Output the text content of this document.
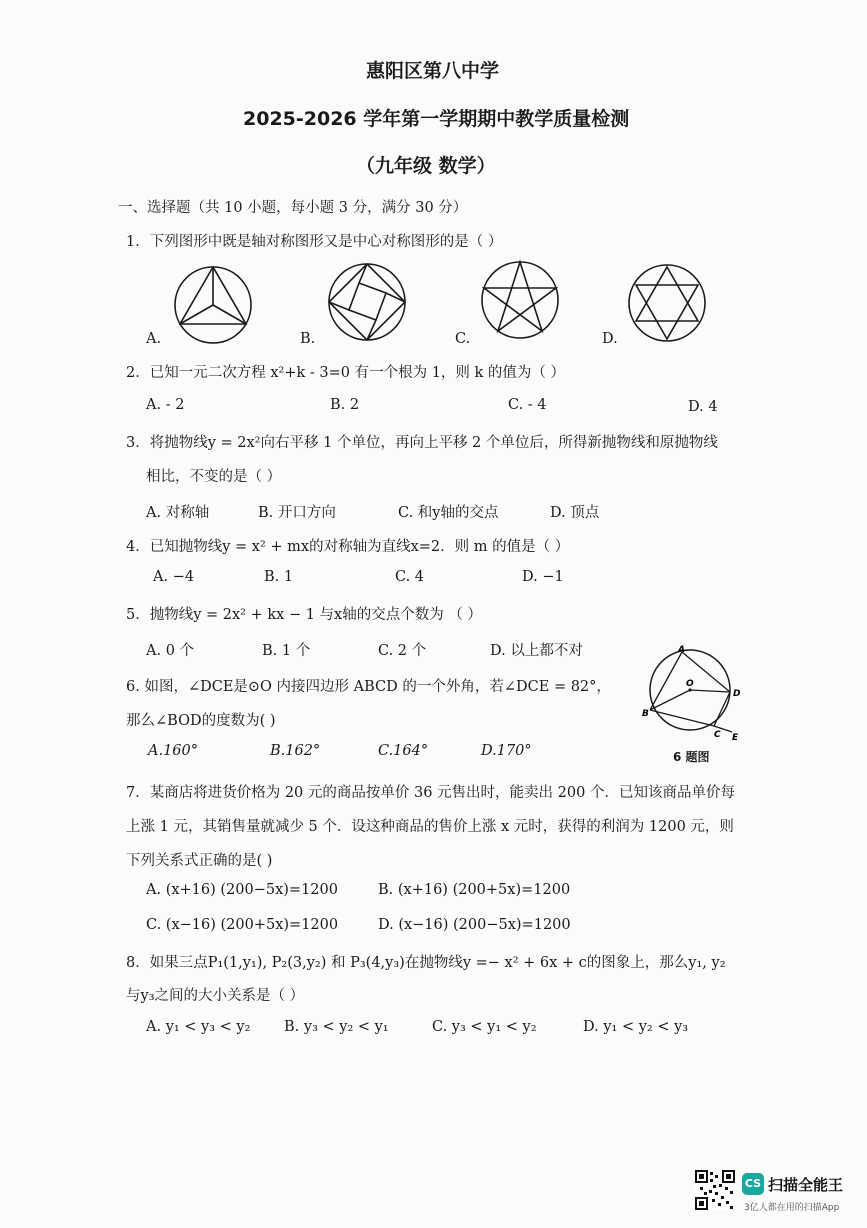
惠阳区第八中学
2025-2026 学年第一学期期中教学质量检测
（九年级 数学）
一、选择题（共 10 小题，每小题 3 分，满分 30 分）
1．下列图形中既是轴对称图形又是中心对称图形的是（ ）
A.	B.	C.	D.
2．已知一元二次方程 x²+k - 3=0 有一个根为 1，则 k 的值为（ ）
A. - 2	B. 2	C. - 4	D. 4
3．将抛物线y = 2x²向右平移 1 个单位，再向上平移 2 个单位后，所得新抛物线和原抛物线
相比，不变的是（ ）
A. 对称轴	B. 开口方向	C. 和y轴的交点	D. 顶点
4．已知抛物线y = x² + mx的对称轴为直线x=2．则 m 的值是（ ）
A. −4	B. 1	C. 4	D. −1
5．抛物线y = 2x² + kx − 1 与x轴的交点个数为 （ ）
A. 0 个	B. 1 个	C. 2 个	D. 以上都不对
6. 如图，∠DCE是⊙O 内接四边形 ABCD 的一个外角，若∠DCE = 82°，
那么∠BOD的度数为( )
A.160°	B.162°	C.164°	D.170°
A
O
D
B
C E
6 题图
7．某商店将进货价格为 20 元的商品按单价 36 元售出时，能卖出 200 个．已知该商品单价每
上涨 1 元，其销售量就减少 5 个．设这种商品的售价上涨 x 元时，获得的利润为 1200 元，则
下列关系式正确的是( )
A. (x+16) (200−5x)=1200	B. (x+16) (200+5x)=1200
C. (x−16) (200+5x)=1200	D. (x−16) (200−5x)=1200
8．如果三点P₁(1,y₁), P₂(3,y₂) 和 P₃(4,y₃)在抛物线y =− x² + 6x + c的图象上，那么y₁, y₂
与y₃之间的大小关系是（ ）
A. y₁ < y₃ < y₂ B. y₃ < y₂ < y₁	C. y₃ < y₁ < y₂	D. y₁ < y₂ < y₃
CS 扫描全能王
3亿人都在用的扫描App
